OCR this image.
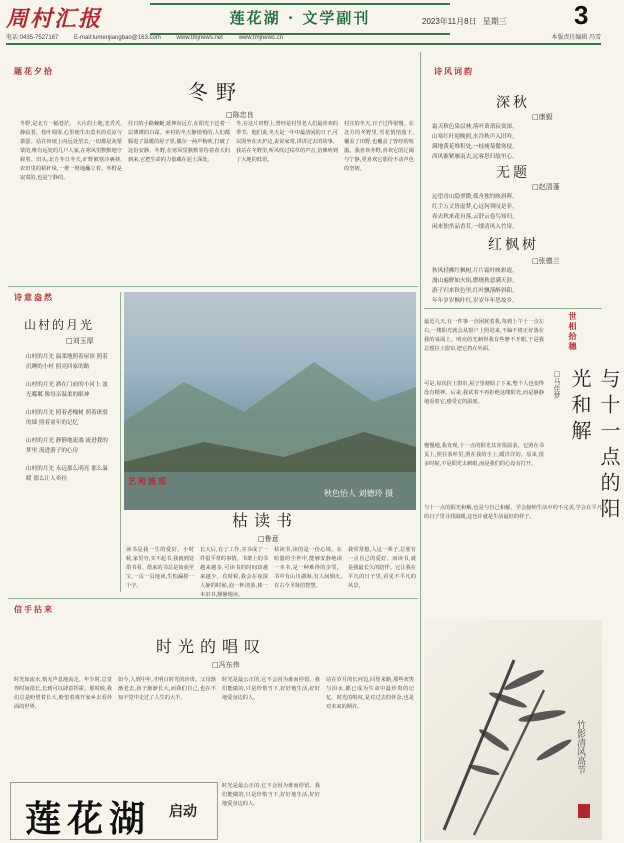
周村汇报	莲花湖 · 文学副刊	2023年11月8日 星期三	3
电话:0435-7527167	E-mail:lumenjiangbao@163.com	www.tmjnews.net	www.tmjnews.cn	本版责任编辑 冯雪
题花夕拾
冬野
□陈忠良
冬野,是北方一幅苍茫。 大片的土地,光秃秃,静寂着。枝叶凋零,心里便生出莫名的荒凉与萧瑟。站在田埂上向远处望去,一切都是灰蒙蒙的,唯有远处的几户人家,在寒风里默默地守候着。田头,北方冬日冬天,旷野被寒冷裹挟,农田里的秸秆垛,一堆一堆地矗立着。冬野是寂寞的,也是宁静的。
往日的小路蜿蜒,延伸向远方,在阳光下泛着一层薄薄的白霜。乡村的冬天静悄悄的,人们都躲进了温暖的屋子里,偶尔一两声狗吠,打破了这份安静。冬野,在寒风里默默等待着春天的到来,它把生命的力量藏在泥土深处。
冬,在这片田野上,曾经是村里老人们最喜欢的季节。他们说,冬天是一年中最清闲的日子,可以围坐在火炉边,说说家常,讲讲过去的故事。我站在冬野里,听风吹过枯草的声音,仿佛听到了大地的低语。
村庄的冬天,日子过得很慢。在北方的冬野里,雪花悄悄落下,覆盖了田野,也覆盖了曾经的喧嚣。我喜欢冬野,喜欢它的辽阔与宁静,更喜欢它那份不动声色的坚韧。
诗意盎然
山村的月光
□刘玉厚
山村的月光 温柔地照着屋顶 照着沉睡的小村 照亮回家的路
山村的月光 洒在门前的小河上 波光粼粼 像母亲温柔的眼神
山村的月光 照着老槐树 照着斑驳的墙 照着童年的记忆
山村的月光 静静地流淌 流进我的梦里 流进游子的心房
山村的月光 永远那么明亮 那么温暖 那么让人牵挂
秋色怡人 刘德玲 摄
艺苑流觅
枯读书
□鲁意
读书是我一生的爱好。小时候,家里穷,买不起书,我就到处借书看。借来的书总是如获至宝,一页一页地读,生怕漏掉一个字。
长大后,有了工作,买书成了一件很平常的事情。书架上的书越来越多,可读书的时间却越来越少。有时候,我会在夜深人静的时候,泡一杯清茶,捧一本旧书,静静地读。
枯读书,读的是一份心境。在喧嚣的尘世中,能够安静地读一本书,是一种难得的享受。书中有山川湖海,有人间烟火,有古今圣贤的智慧。
我常常想,人这一辈子,总要有一点自己的爱好。而读书,就是我最长久的陪伴。它让我在平凡的日子里,看见不平凡的风景。
信手拈来
时光的唱叹
□冯东伟
时光如流水,悄无声息地流走。年少时,总觉得时间很长,长到可以肆意挥霍。那时候,我们总是盼望着长大,盼望着离开家乡去看外面的世界。
如今,人到中年,才明白时光的珍贵。父母渐渐老去,孩子渐渐长大,而我们自己,也在不知不觉中走过了人生的大半。
时光是最公正的,它不会因为谁而停留。我们能做的,只是珍惜当下,好好地生活,好好地爱身边的人。
站在岁月的长河边,回望来路,那些欢笑与泪水,都已成为生命中最珍贵的记忆。时光的唱叹,是对过去的怀念,也是对未来的期许。
莲花湖 启动
时光是最公正的,它不会因为谁而停留。我们能做的,只是珍惜当下,好好地生活,好好地爱身边的人。
诗风词韵
深秋
□康毅
霜天秋色染层林,落叶萧萧寂寞深。
山寒红叶迎晚照,水冷秋声入旧吟。
满地黄花堆积处,一枝瘦菊傲寒侵。
西风渐紧雁南去,远客思归故里心。
无题
□赵清蓬
远望青山隐翠微,孤舟独钓映斜晖。
红尘万丈皆虚梦,心远何须叹是非。
春去秋来花自落,云舒云卷鸟知归。
闲来独坐品香茗,一缕清风入竹扉。
红枫树
□张德兰
秋风轻拂红枫树,片片霜叶映彩霞。
漫山遍野如火焰,燃烧秋意满天涯。
游子归来秋色里,红叶飘落醉斜阳。
年年岁岁枫叶红,岁岁年年思故乡。
世相拾穗
与十一点的阳光和解
□马佳梦
最近几天,有一件事一直困扰着我,每到上午十一点左右,一缕阳光就会从窗户上照进来,不偏不倚正好落在我的桌面上。明亮的光刺得我有些睁不开眼,于是我总想拉上窗帘,把它挡在外面。
可是,每次拉上窗帘,屋子里便暗了下来,整个人也变得没有精神。后来,我试着不再拒绝这缕阳光,而是静静地看着它,感受它的温度。
慢慢地,我发现,十一点的阳光其实很温柔。它照在书页上,照在茶杯里,照在我的手上,暖洋洋的。原来,很多时候,不是阳光太刺眼,而是我们的心没有打开。
与十一点的阳光和解,也是与自己和解。学会接纳生活中的不完美,学会在平凡的日子里寻找温暖,这也许就是生活最好的样子。
竹影清风高节
